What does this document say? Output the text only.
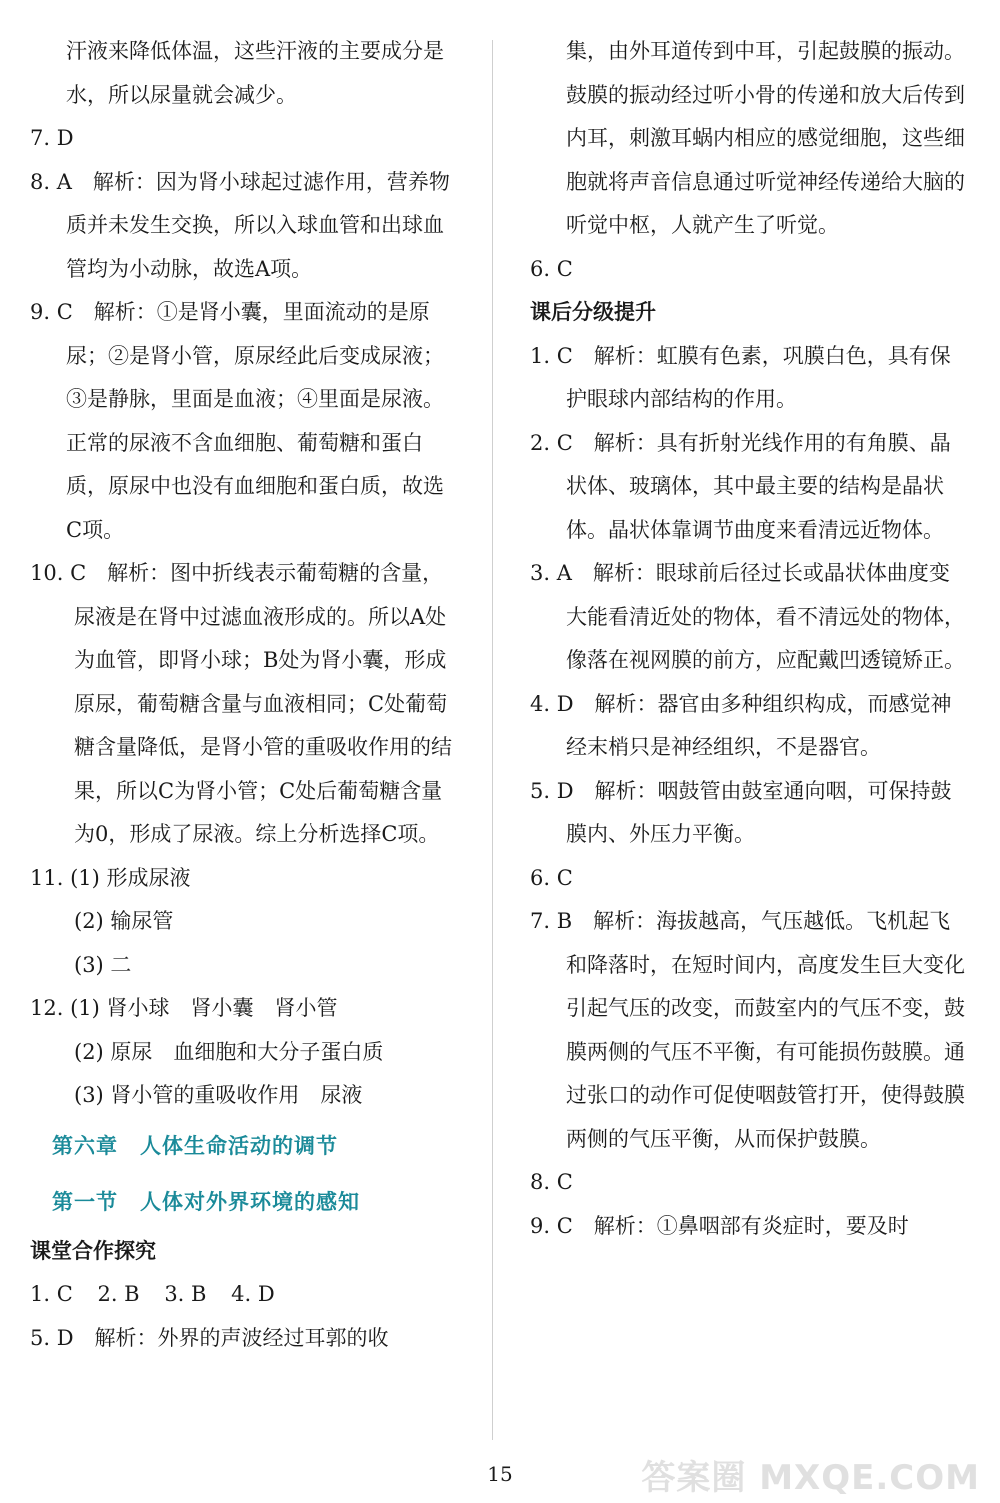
汗液来降低体温，这些汗液的主要成分是水，所以尿量就会减少。
7. D
8. A　解析：因为肾小球起过滤作用，营养物质并未发生交换，所以入球血管和出球血管均为小动脉，故选A项。
9. C　解析：①是肾小囊，里面流动的是原尿；②是肾小管，原尿经此后变成尿液；③是静脉，里面是血液；④里面是尿液。正常的尿液不含血细胞、葡萄糖和蛋白质，原尿中也没有血细胞和蛋白质，故选C项。
10. C　解析：图中折线表示葡萄糖的含量，尿液是在肾中过滤血液形成的。所以A处为血管，即肾小球；B处为肾小囊，形成原尿，葡萄糖含量与血液相同；C处葡萄糖含量降低，是肾小管的重吸收作用的结果，所以C为肾小管；C处后葡萄糖含量为0，形成了尿液。综上分析选择C项。
11. (1) 形成尿液
(2) 输尿管
(3) 二
12. (1) 肾小球　肾小囊　肾小管
(2) 原尿　血细胞和大分子蛋白质
(3) 肾小管的重吸收作用　尿液
第六章　人体生命活动的调节
第一节　人体对外界环境的感知
课堂合作探究
1. C 2. B 3. B 4. D
5. D　解析：外界的声波经过耳郭的收
集，由外耳道传到中耳，引起鼓膜的振动。鼓膜的振动经过听小骨的传递和放大后传到内耳，刺激耳蜗内相应的感觉细胞，这些细胞就将声音信息通过听觉神经传递给大脑的听觉中枢，人就产生了听觉。
6. C
课后分级提升
1. C　解析：虹膜有色素，巩膜白色，具有保护眼球内部结构的作用。
2. C　解析：具有折射光线作用的有角膜、晶状体、玻璃体，其中最主要的结构是晶状体。晶状体靠调节曲度来看清远近物体。
3. A　解析：眼球前后径过长或晶状体曲度变大能看清近处的物体，看不清远处的物体，像落在视网膜的前方，应配戴凹透镜矫正。
4. D　解析：器官由多种组织构成，而感觉神经末梢只是神经组织，不是器官。
5. D　解析：咽鼓管由鼓室通向咽，可保持鼓膜内、外压力平衡。
6. C
7. B　解析：海拔越高，气压越低。飞机起飞和降落时，在短时间内，高度发生巨大变化引起气压的改变，而鼓室内的气压不变，鼓膜两侧的气压不平衡，有可能损伤鼓膜。通过张口的动作可促使咽鼓管打开，使得鼓膜两侧的气压平衡，从而保护鼓膜。
8. C
9. C　解析：①鼻咽部有炎症时，要及时
15	答案圈 MXQE.COM
